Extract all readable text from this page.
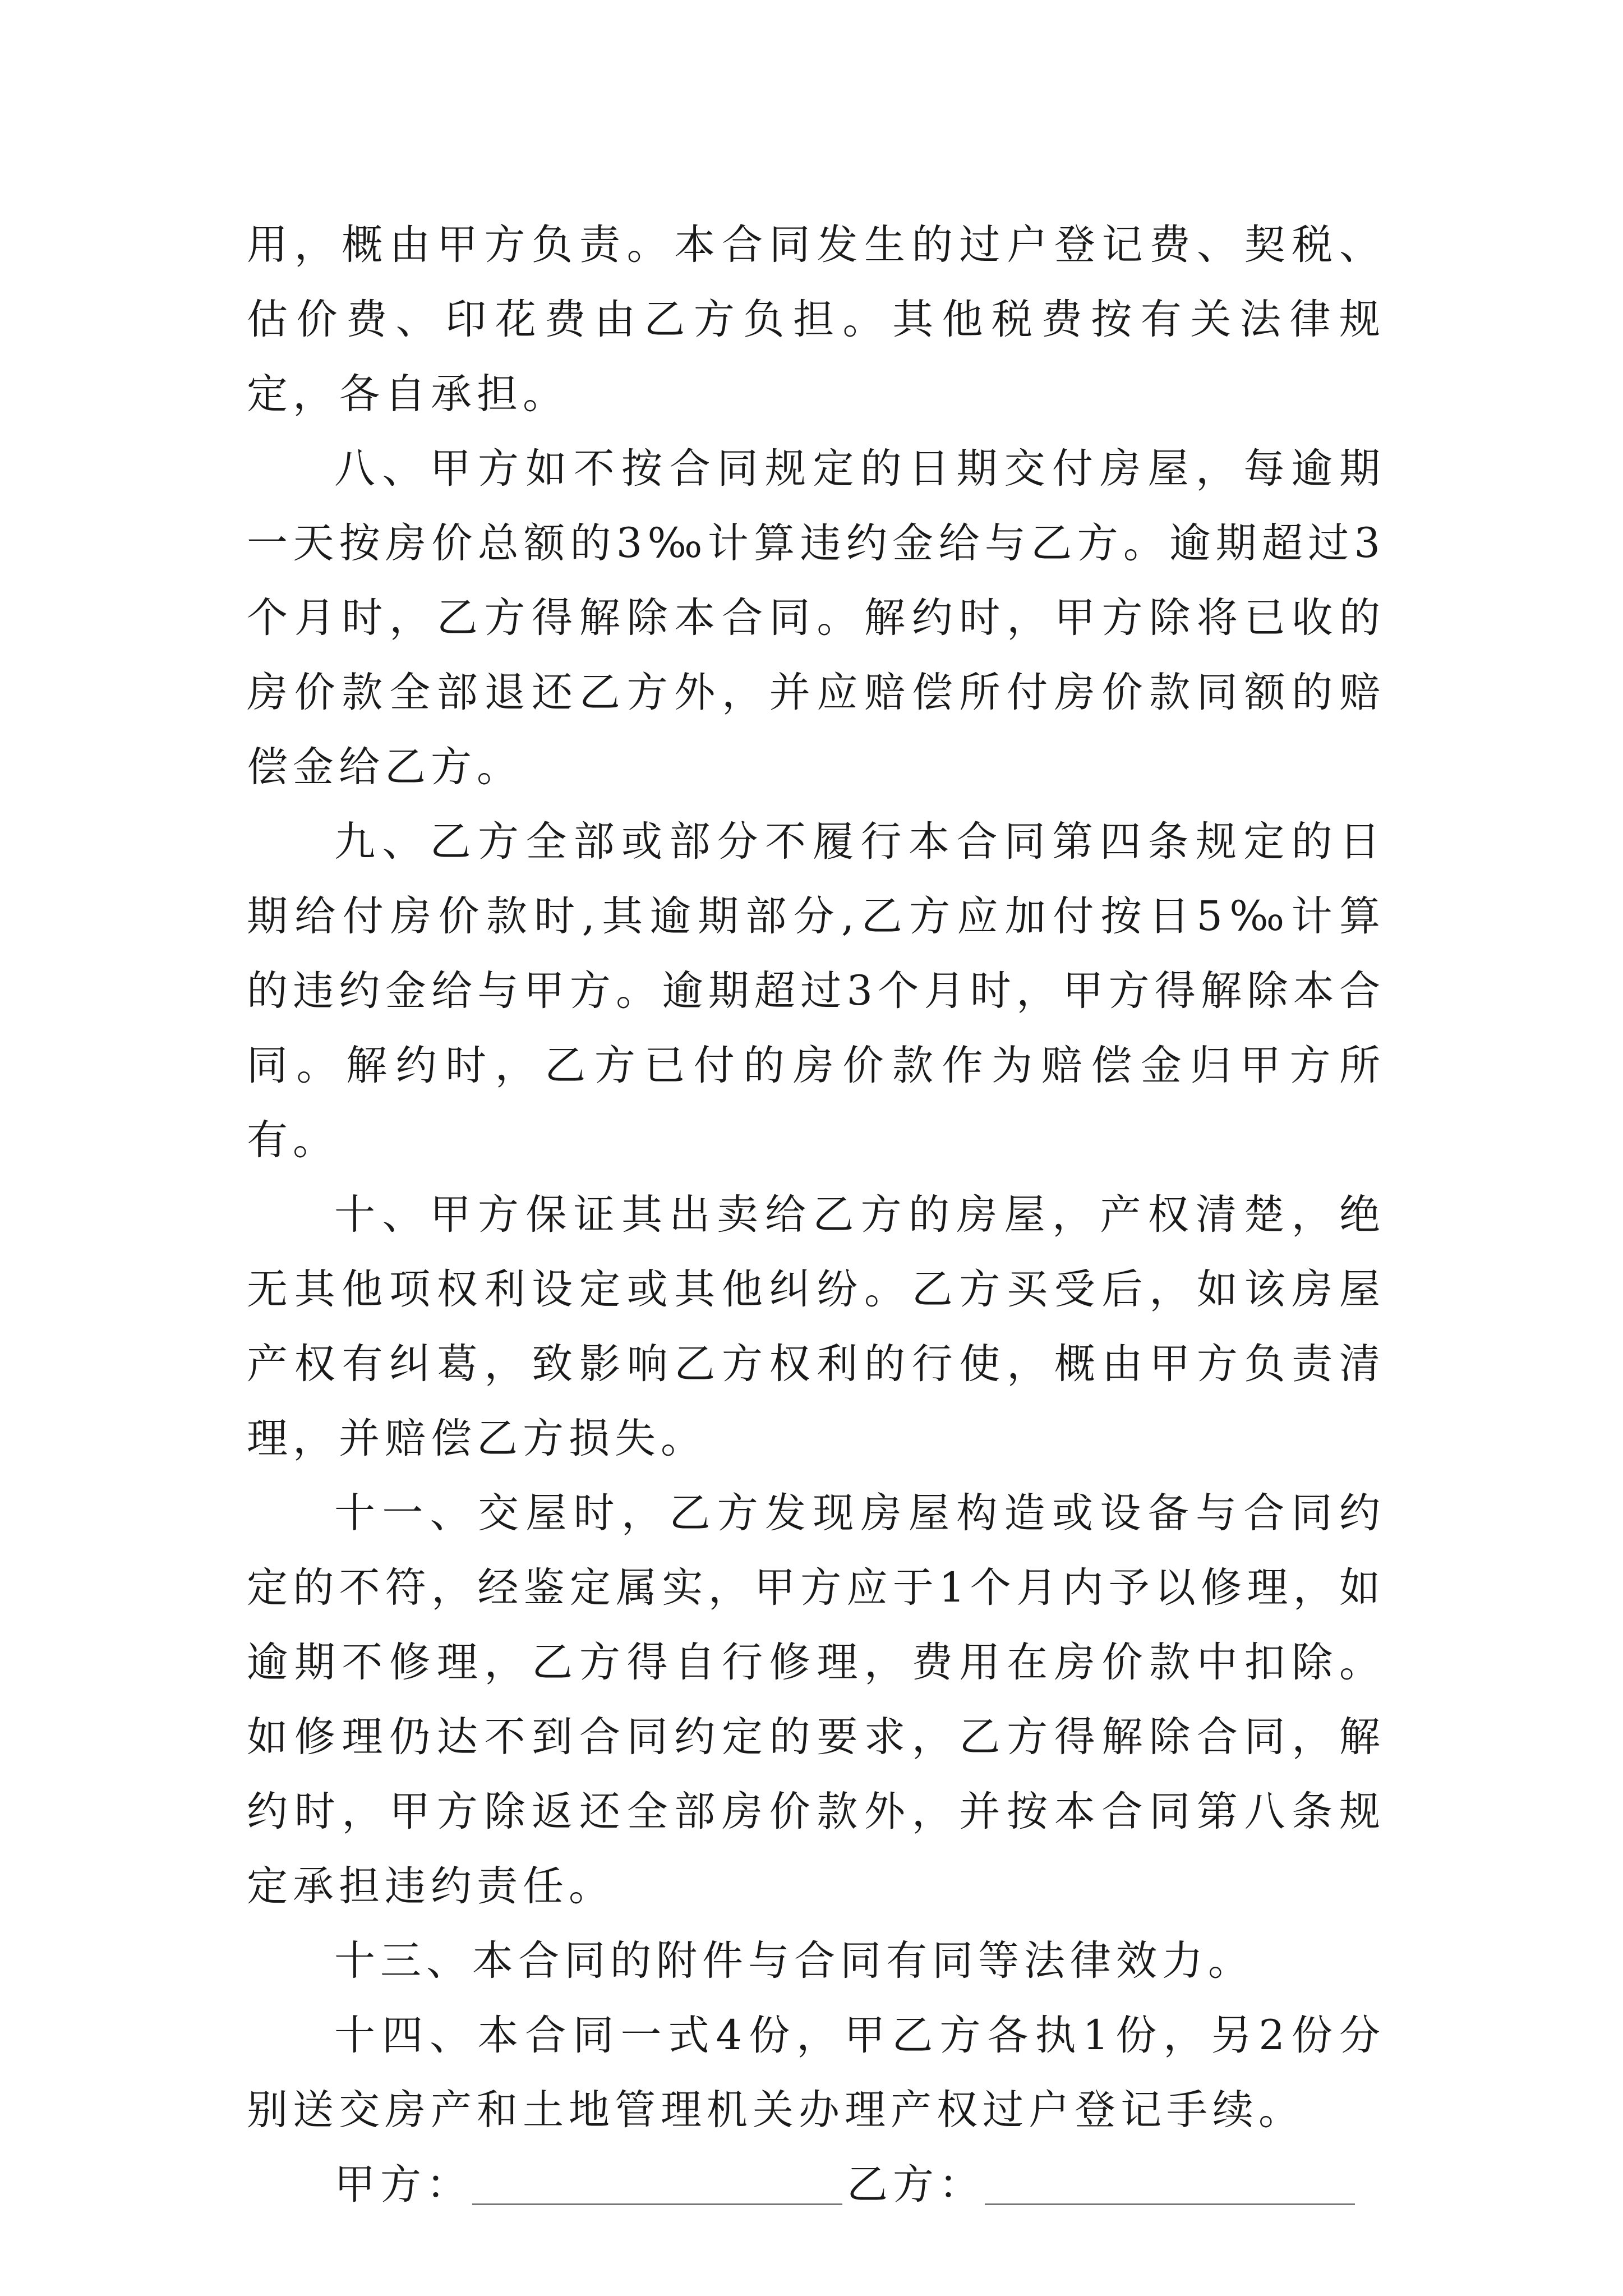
用，概由甲方负责。本合同发生的过户登记费、契税、估价费、印花费由乙方负担。其他税费按有关法律规定，各自承担。

八、甲方如不按合同规定的日期交付房屋，每逾期一天按房价总额的3‰计算违约金给与乙方。逾期超过3个月时，乙方得解除本合同。解约时，甲方除将已收的房价款全部退还乙方外，并应赔偿所付房价款同额的赔偿金给乙方。

九、乙方全部或部分不履行本合同第四条规定的日期给付房价款时,其逾期部分,乙方应加付按日5‰计算的违约金给与甲方。逾期超过3个月时，甲方得解除本合同。解约时，乙方已付的房价款作为赔偿金归甲方所有。

十、甲方保证其出卖给乙方的房屋，产权清楚，绝无其他项权利设定或其他纠纷。乙方买受后，如该房屋产权有纠葛，致影响乙方权利的行使，概由甲方负责清理，并赔偿乙方损失。

十一、交屋时，乙方发现房屋构造或设备与合同约定的不符，经鉴定属实，甲方应于1个月内予以修理，如逾期不修理，乙方得自行修理，费用在房价款中扣除。如修理仍达不到合同约定的要求，乙方得解除合同，解约时，甲方除返还全部房价款外，并按本合同第八条规定承担违约责任。

十三、本合同的附件与合同有同等法律效力。

十四、本合同一式4份，甲乙方各执1份，另2份分别送交房产和土地管理机关办理产权过户登记手续。

甲方：	乙方：
